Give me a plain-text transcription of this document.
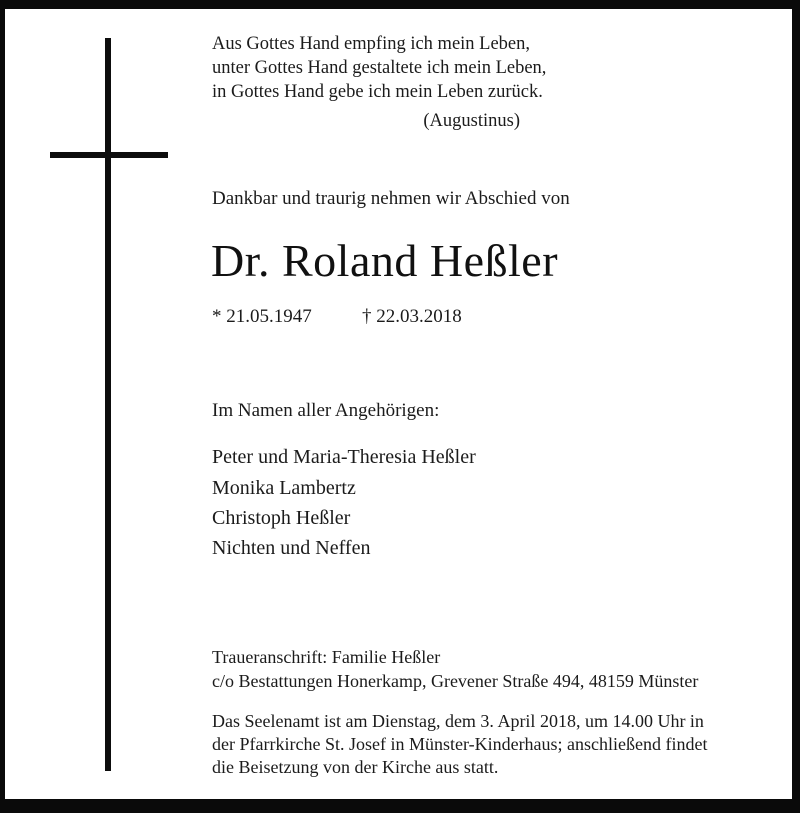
Aus Gottes Hand empfing ich mein Leben,
unter Gottes Hand gestaltete ich mein Leben,
in Gottes Hand gebe ich mein Leben zurück.
(Augustinus)
Dankbar und traurig nehmen wir Abschied von
Dr. Roland Heßler
* 21.05.1947	† 22.03.2018
Im Namen aller Angehörigen:
Peter und Maria-Theresia Heßler
Monika Lambertz
Christoph Heßler
Nichten und Neffen
Traueranschrift: Familie Heßler
c/o Bestattungen Honerkamp, Grevener Straße 494, 48159 Münster
Das Seelenamt ist am Dienstag, dem 3. April 2018, um 14.00 Uhr in
der Pfarrkirche St. Josef in Münster-Kinderhaus; anschließend findet
die Beisetzung von der Kirche aus statt.
